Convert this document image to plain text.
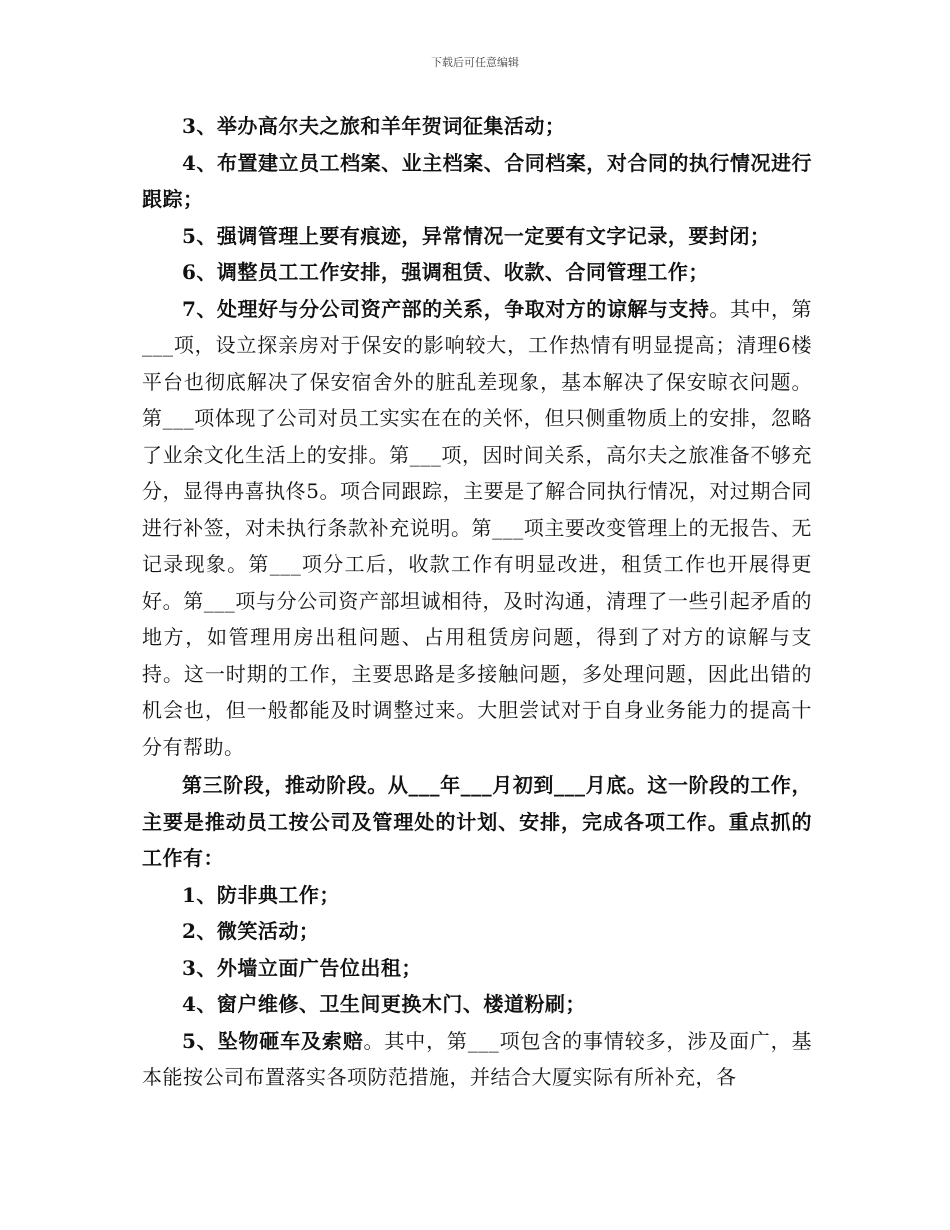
下载后可任意编辑

3、举办高尔夫之旅和羊年贺词征集活动；

4、布置建立员工档案、业主档案、合同档案，对合同的执行情况进行跟踪；

5、强调管理上要有痕迹，异常情况一定要有文字记录，要封闭；

6、调整员工工作安排，强调租赁、收款、合同管理工作；

7、处理好与分公司资产部的关系，争取对方的谅解与支持。其中，第___项，设立探亲房对于保安的影响较大，工作热情有明显提高；清理6楼平台也彻底解决了保安宿舍外的脏乱差现象，基本解决了保安晾衣问题。第___项体现了公司对员工实实在在的关怀，但只侧重物质上的安排，忽略了业余文化生活上的安排。第___项，因时间关系，高尔夫之旅准备不够充分，显得冉喜执佟5。项合同跟踪，主要是了解合同执行情况，对过期合同进行补签，对未执行条款补充说明。第___项主要改变管理上的无报告、无记录现象。第___项分工后，收款工作有明显改进，租赁工作也开展得更好。第___项与分公司资产部坦诚相待，及时沟通，清理了一些引起矛盾的地方，如管理用房出租问题、占用租赁房问题，得到了对方的谅解与支持。这一时期的工作，主要思路是多接触问题，多处理问题，因此出错的机会也，但一般都能及时调整过来。大胆尝试对于自身业务能力的提高十分有帮助。

第三阶段，推动阶段。从___年___月初到___月底。这一阶段的工作，主要是推动员工按公司及管理处的计划、安排，完成各项工作。重点抓的工作有：

1、防非典工作；

2、微笑活动；

3、外墙立面广告位出租；

4、窗户维修、卫生间更换木门、楼道粉刷；

5、坠物砸车及索赔。其中，第___项包含的事情较多，涉及面广，基本能按公司布置落实各项防范措施，并结合大厦实际有所补充，各
